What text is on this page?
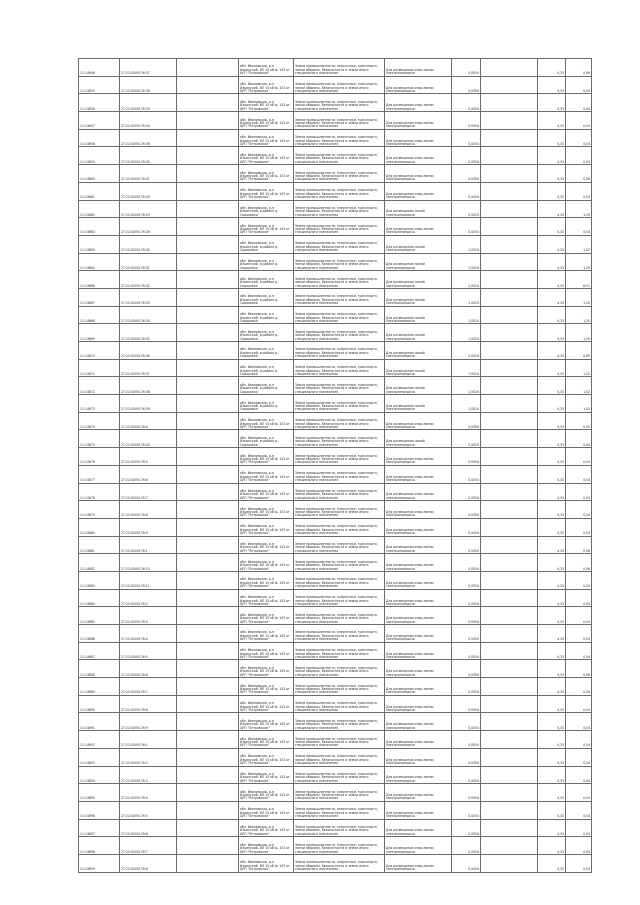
11:14646	27:22:0000176:37		обл. Ивановская, р-н Ильинский, ВЛ 10 кВ № 103 от ЦРП "Петровское"	Земли промышленности, энергетики, транспорта, земли обороны, безопасности и земли иного специального назначения	Для размещения опор линии электропередачи	0,0054		4,33	0,06
11:14650	27:22:0000176:38		обл. Ивановская, р-н Ильинский, ВЛ 10 кВ № 103 от ЦРП "Петровское"	Земли промышленности, энергетики, транспорта, земли обороны, безопасности и земли иного специального назначения	Для размещения опор линии электропередачи	0,0054		4,33	0,04
11:14656	27:22:0000176:39		обл. Ивановская, р-н Ильинский, ВЛ 10 кВ № 103 от ЦРП "Петровское"	Земли промышленности, энергетики, транспорта, земли обороны, безопасности и земли иного специального назначения	Для размещения опор линии электропередачи	0,0054		4,33	0,04
11:14657	27:22:0000176:34		обл. Ивановская, р-н Ильинский, ВЛ 10 кВ № 103 от ЦРП "Петровское"	Земли промышленности, энергетики, транспорта, земли обороны, безопасности и земли иного специального назначения	Для размещения опор линии электропередачи	0,0054		4,33	0,04
11:14658	27:22:0000176:36		обл. Ивановская, р-н Ильинский, ВЛ 10 кВ № 103 от ЦРП "Петровское"	Земли промышленности, энергетики, транспорта, земли обороны, безопасности и земли иного специального назначения	Для размещения опор линии электропередачи	0,0054		4,33	0,04
11:14659	27:22:0000176:35		обл. Ивановская, р-н Ильинский, ВЛ 10 кВ № 103 от ЦРП "Петровское"	Земли промышленности, энергетики, транспорта, земли обороны, безопасности и земли иного специального назначения	Для размещения опор линии электропередачи	0,0054		4,33	0,04
11:14660	27:22:0000176:41		обл. Ивановская, р-н Ильинский, ВЛ 10 кВ № 103 от ЦРП "Петровское"	Земли промышленности, энергетики, транспорта, земли обороны, безопасности и земли иного специального назначения	Для размещения опор линии электропередачи	0,0054		4,33	0,08
11:14661	27:22:0000176:40		обл. Ивановская, р-н Ильинский, ВЛ 10 кВ № 103 от ЦРП "Петровское"	Земли промышленности, энергетики, транспорта, земли обороны, безопасности и земли иного специального назначения	Для размещения опор линии электропередачи	0,0054		4,33	0,04
11:14662	27:22:0000176:29		обл. Ивановская, р-н Ильинский, в районе д. Сидоровка	Земли промышленности, энергетики, транспорта, земли обороны, безопасности и земли иного специального назначения	Для размещения линий электропередачи	0,0024		4,33	1,29
11:14663	27:22:0000176:28		обл. Ивановская, р-н Ильинский, ВЛ 10 кВ № 103 от ЦРП "Петровское"	Земли промышленности, энергетики, транспорта, земли обороны, безопасности и земли иного специального назначения	Для размещения опор линии электропередачи	0,0054		4,33	0,04
11:14664	27:22:0000176:30		обл. Ивановская, р-н Ильинский, в районе д. Сидоровка	Земли промышленности, энергетики, транспорта, земли обороны, безопасности и земли иного специального назначения	Для размещения линий электропередачи	1,0024		4,33	1,02
11:14665	27:22:0000176:31		обл. Ивановская, р-н Ильинский, в районе д. Сидоровка	Земли промышленности, энергетики, транспорта, земли обороны, безопасности и земли иного специального назначения	Для размещения линий электропередачи	1,0024		4,33	1,20
11:14666	27:22:0000176:32		обл. Ивановская, р-н Ильинский, в районе д. Сидоровка	Земли промышленности, энергетики, транспорта, земли обороны, безопасности и земли иного специального назначения	Для размещения линий электропередачи	2,0024		4,33	8,51
11:14667	27:22:0000176:33		обл. Ивановская, р-н Ильинский, в районе д. Сидоровка	Земли промышленности, энергетики, транспорта, земли обороны, безопасности и земли иного специального назначения	Для размещения линий электропередачи	1,0024		4,33	1,20
11:14668	27:22:0000176:34		обл. Ивановская, р-н Ильинский, в районе д. Сидоровка	Земли промышленности, энергетики, транспорта, земли обороны, безопасности и земли иного специального назначения	Для размещения линий электропередачи	1,0024		4,33	1,20
11:14669	27:22:0000176:35		обл. Ивановская, р-н Ильинский, в районе д. Сидоровка	Земли промышленности, энергетики, транспорта, земли обороны, безопасности и земли иного специального назначения	Для размещения линий электропередачи	1,0024		4,33	1,20
11:14670	27:22:0000176:36		обл. Ивановская, р-н Ильинский, в районе д. Сидоровка	Земли промышленности, энергетики, транспорта, земли обороны, безопасности и земли иного специального назначения	Для размещения линий электропередачи	5,0024		4,33	6,60
11:14671	27:22:0000176:37		обл. Ивановская, р-н Ильинский, в районе д. Сидоровка	Земли промышленности, энергетики, транспорта, земли обороны, безопасности и земли иного специального назначения	Для размещения линий электропередачи	7,0024		4,33	1,20
11:14672	27:22:0000176:38		обл. Ивановская, р-н Ильинский, в районе д. Сидоровка	Земли промышленности, энергетики, транспорта, земли обороны, безопасности и земли иного специального назначения	Для размещения линий электропередачи	1,0024		4,33	1,02
11:14673	27:22:0000176:39		обл. Ивановская, р-н Ильинский, в районе д. Сидоровка	Земли промышленности, энергетики, транспорта, земли обороны, безопасности и земли иного специального назначения	Для размещения линий электропередачи	1,0024		4,33	1,02
11:14674	27:22:0000176:4		обл. Ивановская, р-н Ильинский, ВЛ 10 кВ № 103 от ЦРП "Петровское"	Земли промышленности, энергетики, транспорта, земли обороны, безопасности и земли иного специального назначения	Для размещения опор линии электропередачи	0,0054		4,33	0,05
11:14675	27:22:0000176:40		обл. Ивановская, р-н Ильинский, в районе д. Сидоровка	Земли промышленности, энергетики, транспорта, земли обороны, безопасности и земли иного специального назначения	Для размещения линий электропередачи	5,0024		4,33	0,04
11:14676	27:22:0000176:5		обл. Ивановская, р-н Ильинский, ВЛ 10 кВ № 103 от ЦРП "Петровское"	Земли промышленности, энергетики, транспорта, земли обороны, безопасности и земли иного специального назначения	Для размещения опор линии электропередачи	0,0054		4,33	0,04
11:14677	27:22:0000176:6		обл. Ивановская, р-н Ильинский, ВЛ 10 кВ № 103 от ЦРП "Петровское"	Земли промышленности, энергетики, транспорта, земли обороны, безопасности и земли иного специального назначения	Для размещения опор линии электропередачи	0,0054		4,33	0,04
11:14678	27:22:0000176:7		обл. Ивановская, р-н Ильинский, ВЛ 10 кВ № 103 от ЦРП "Петровское"	Земли промышленности, энергетики, транспорта, земли обороны, безопасности и земли иного специального назначения	Для размещения опор линии электропередачи	0,0054		4,33	0,04
11:14679	27:22:0000176:8		обл. Ивановская, р-н Ильинский, ВЛ 10 кВ № 103 от ЦРП "Петровское"	Земли промышленности, энергетики, транспорта, земли обороны, безопасности и земли иного специального назначения	Для размещения опор линии электропередачи	0,0054		4,33	0,04
11:14680	27:22:0000176:9		обл. Ивановская, р-н Ильинский, ВЛ 10 кВ № 103 от ЦРП "Петровское"	Земли промышленности, энергетики, транспорта, земли обороны, безопасности и земли иного специального назначения	Для размещения опор линии электропередачи	0,0054		4,33	0,04
11:14681	27:22:0000176:1		обл. Ивановская, р-н Ильинский, ВЛ 10 кВ № 103 от ЦРП "Петровское"	Земли промышленности, энергетики, транспорта, земли обороны, безопасности и земли иного специального назначения	Для размещения опор линии электропередачи	0,0054		4,33	0,06
11:14682	27:22:0000176:10		обл. Ивановская, р-н Ильинский, ВЛ 10 кВ № 103 от ЦРП "Петровское"	Земли промышленности, энергетики, транспорта, земли обороны, безопасности и земли иного специального назначения	Для размещения опор линии электропередачи	0,0054		4,33	0,06
11:14683	27:22:0000176:11		обл. Ивановская, р-н Ильинский, ВЛ 10 кВ № 103 от ЦРП "Петровское"	Земли промышленности, энергетики, транспорта, земли обороны, безопасности и земли иного специального назначения	Для размещения опор линии электропередачи	0,0054		4,33	0,04
11:14684	27:22:0000176:2		обл. Ивановская, р-н Ильинский, ВЛ 10 кВ № 103 от ЦРП "Петровское"	Земли промышленности, энергетики, транспорта, земли обороны, безопасности и земли иного специального назначения	Для размещения опор линии электропередачи	0,0054		4,33	0,04
11:14685	27:22:0000176:3		обл. Ивановская, р-н Ильинский, ВЛ 10 кВ № 103 от ЦРП "Петровское"	Земли промышленности, энергетики, транспорта, земли обороны, безопасности и земли иного специального назначения	Для размещения опор линии электропередачи	0,0054		4,33	0,04
11:14686	27:22:0000176:4		обл. Ивановская, р-н Ильинский, ВЛ 10 кВ № 103 от ЦРП "Петровское"	Земли промышленности, энергетики, транспорта, земли обороны, безопасности и земли иного специального назначения	Для размещения опор линии электропередачи	0,0054		4,33	0,04
11:14687	27:22:0000176:5		обл. Ивановская, р-н Ильинский, ВЛ 10 кВ № 103 от ЦРП "Петровское"	Земли промышленности, энергетики, транспорта, земли обороны, безопасности и земли иного специального назначения	Для размещения опор линии электропередачи	0,0054		4,33	0,04
11:14688	27:22:0000176:6		обл. Ивановская, р-н Ильинский, ВЛ 10 кВ № 103 от ЦРП "Петровское"	Земли промышленности, энергетики, транспорта, земли обороны, безопасности и земли иного специального назначения	Для размещения опор линии электропередачи	0,0054		4,33	0,06
11:14689	27:22:0000176:7		обл. Ивановская, р-н Ильинский, ВЛ 10 кВ № 103 от ЦРП "Петровское"	Земли промышленности, энергетики, транспорта, земли обороны, безопасности и земли иного специального назначения	Для размещения опор линии электропередачи	0,0054		4,33	0,04
11:14690	27:22:0000176:8		обл. Ивановская, р-н Ильинский, ВЛ 10 кВ № 103 от ЦРП "Петровское"	Земли промышленности, энергетики, транспорта, земли обороны, безопасности и земли иного специального назначения	Для размещения опор линии электропередачи	0,0054		4,33	0,04
11:14691	27:22:0000176:9		обл. Ивановская, р-н Ильинский, ВЛ 10 кВ № 103 от ЦРП "Петровское"	Земли промышленности, энергетики, транспорта, земли обороны, безопасности и земли иного специального назначения	Для размещения опор линии электропередачи	0,0054		4,33	0,04
11:14692	27:22:0000176:1		обл. Ивановская, р-н Ильинский, ВЛ 10 кВ № 103 от ЦРП "Петровское"	Земли промышленности, энергетики, транспорта, земли обороны, безопасности и земли иного специального назначения	Для размещения опор линии электропередачи	0,0054		4,33	0,04
11:14693	27:22:0000176:2		обл. Ивановская, р-н Ильинский, ВЛ 10 кВ № 103 от ЦРП "Петровское"	Земли промышленности, энергетики, транспорта, земли обороны, безопасности и земли иного специального назначения	Для размещения опор линии электропередачи	0,0054		4,33	0,04
11:14694	27:22:0000176:3		обл. Ивановская, р-н Ильинский, ВЛ 10 кВ № 103 от ЦРП "Петровское"	Земли промышленности, энергетики, транспорта, земли обороны, безопасности и земли иного специального назначения	Для размещения опор линии электропередачи	0,0054		4,33	0,04
11:14695	27:22:0000176:4		обл. Ивановская, р-н Ильинский, ВЛ 10 кВ № 103 от ЦРП "Петровское"	Земли промышленности, энергетики, транспорта, земли обороны, безопасности и земли иного специального назначения	Для размещения опор линии электропередачи	0,0054		4,33	0,04
11:14696	27:22:0000176:5		обл. Ивановская, р-н Ильинский, ВЛ 10 кВ № 103 от ЦРП "Петровское"	Земли промышленности, энергетики, транспорта, земли обороны, безопасности и земли иного специального назначения	Для размещения опор линии электропередачи	0,0054		4,33	0,04
11:14697	27:22:0000176:6		обл. Ивановская, р-н Ильинский, ВЛ 10 кВ № 103 от ЦРП "Петровское"	Земли промышленности, энергетики, транспорта, земли обороны, безопасности и земли иного специального назначения	Для размещения опор линии электропередачи	0,0054		4,33	0,04
11:14698	27:22:0000176:7		обл. Ивановская, р-н Ильинский, ВЛ 10 кВ № 103 от ЦРП "Петровское"	Земли промышленности, энергетики, транспорта, земли обороны, безопасности и земли иного специального назначения	Для размещения опор линии электропередачи	0,0054		4,33	0,04
11:14699	27:22:0000176:8		обл. Ивановская, р-н Ильинский, ВЛ 10 кВ № 103 от ЦРП "Петровское"	Земли промышленности, энергетики, транспорта, земли обороны, безопасности и земли иного специального назначения	Для размещения опор линии электропередачи	0,0054		4,33	0,04
